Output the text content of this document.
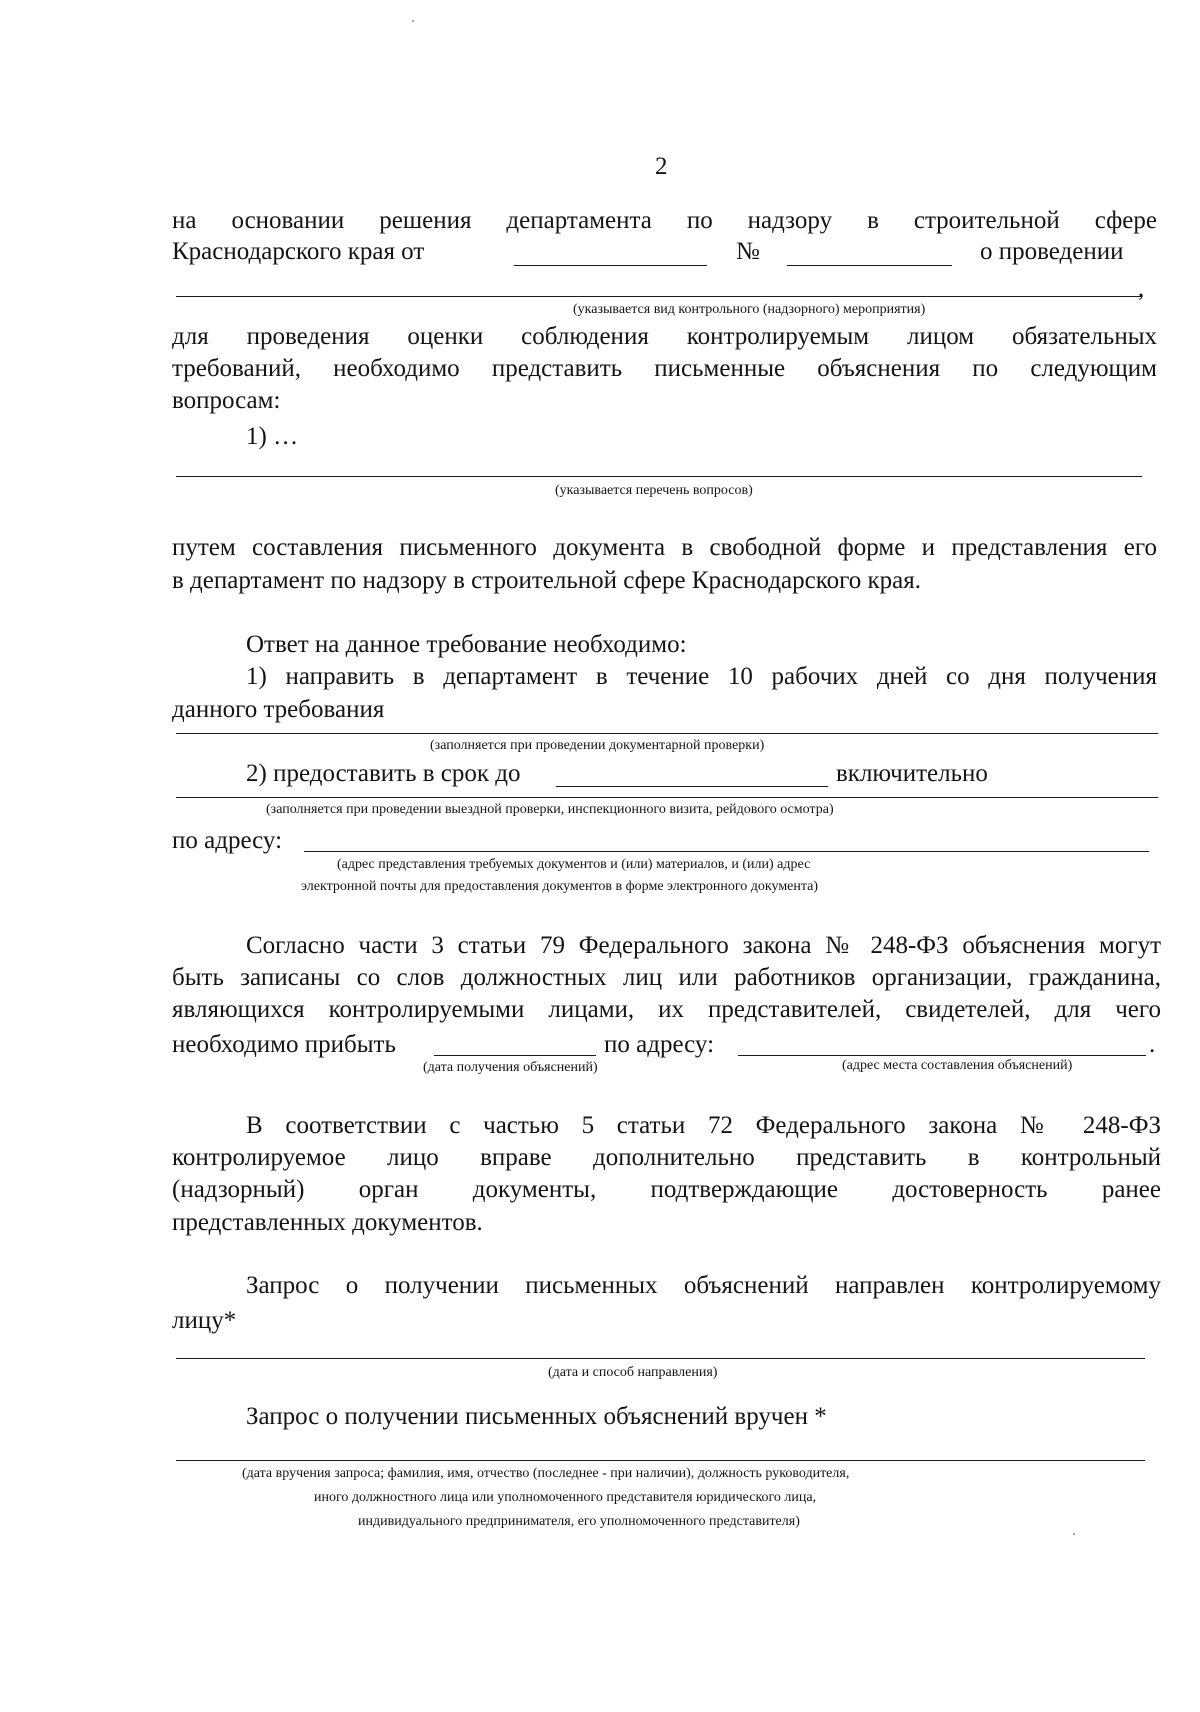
2
на основании решения департамента по надзору в строительной сфере
Краснодарского края от	№	о проведении
,
(указывается вид контрольного (надзорного) мероприятия)
для проведения оценки соблюдения контролируемым лицом обязательных
требований, необходимо представить письменные объяснения по следующим
вопросам:
1) …
(указывается перечень вопросов)
путем составления письменного документа в свободной форме и представления его
в департамент по надзору в строительной сфере Краснодарского края.
Ответ на данное требование необходимо:
1) направить в департамент в течение 10 рабочих дней со дня получения
данного требования
(заполняется при проведении документарной проверки)
2) предоставить в срок до	включительно
(заполняется при проведении выездной проверки, инспекционного визита, рейдового осмотра)
по адресу:
(адрес представления требуемых документов и (или) материалов, и (или) адрес
электронной почты для предоставления документов в форме электронного документа)
Согласно части 3 статьи 79 Федерального закона № 248-ФЗ объяснения могут
быть записаны со слов должностных лиц или работников организации, гражданина,
являющихся контролируемыми лицами, их представителей, свидетелей, для чего
необходимо прибыть	по адресу:	.
(дата получения объяснений)	(адрес места составления объяснений)
В соответствии с частью 5 статьи 72 Федерального закона № 248-ФЗ
контролируемое лицо вправе дополнительно представить в контрольный
(надзорный) орган документы, подтверждающие достоверность ранее
представленных документов.
Запрос о получении письменных объяснений направлен контролируемому
лицу*
(дата и способ направления)
Запрос о получении письменных объяснений вручен *
(дата вручения запроса; фамилия, имя, отчество (последнее - при наличии), должность руководителя,
иного должностного лица или уполномоченного представителя юридического лица,
индивидуального предпринимателя, его уполномоченного представителя)
